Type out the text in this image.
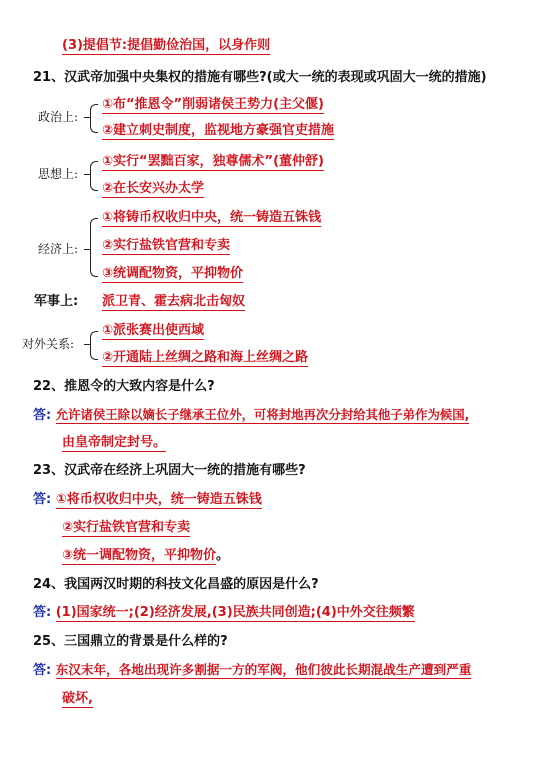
(3)提倡节:提倡勤俭治国，以身作则
21、汉武帝加强中央集权的措施有哪些?(或大一统的表现或巩固大一统的措施)
政治上:
①布“推恩令”削弱诸侯王势力(主父偃)
②建立刺史制度，监视地方豪强官吏措施
思想上:
①实行“罢黜百家，独尊儒术”(董仲舒)
②在长安兴办太学
经济上:
①将铸币权收归中央，统一铸造五铢钱
②实行盐铁官营和专卖
③统调配物资，平抑物价
军事上: 派卫青、霍去病北击匈奴
对外关系:
①派张赛出使西域
②开通陆上丝绸之路和海上丝绸之路
22、推恩令的大致内容是什么?
答: 允许诸侯王除以嫡长子继承王位外，可将封地再次分封给其他子弟作为候国,
由皇帝制定封号。
23、汉武帝在经济上巩固大一统的措施有哪些?
答: ①将币权收归中央，统一铸造五铢钱
②实行盐铁官营和专卖
③统一调配物资，平抑物价。
24、我国两汉时期的科技文化昌盛的原因是什么?
答: (1)国家统一;(2)经济发展,(3)民族共同创造;(4)中外交往频繁
25、三国鼎立的背景是什么样的?
答: 东汉末年，各地出现许多割据一方的军阀，他们彼此长期混战生产遭到严重
破坏,
